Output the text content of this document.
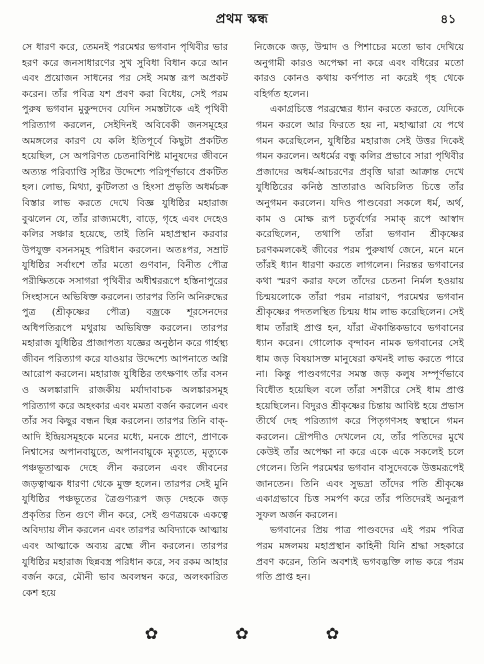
প্রথম স্কন্ধ	৪১

সে ধারণ করে, তেমনই পরমেশ্বর ভগবান পৃথিবীর ভার হরণ করে জনসাধারণের সুখ সুবিধা বিধান করে আন এবং প্রয়োজন সাধনের পর সেই সমস্ত রূপ অপ্রকট করেন। তাঁর পবিত্র যশ প্রবণ করা বিধেয়, সেই পরম পুরুষ ভগবান মুকুন্দদেব যেদিন সমস্তটাকে এই পৃথিবী পরিত্যাগ করলেন, সেইদিনই অবিবেকী জনসমূহের অমঙ্গলের কারণ যে কলি ইতিপূর্বে কিছুটা প্রকটিত হয়েছিল, সে অপরিণত চেতনাবিশিষ্ট মানুষদের জীবনে অত্যন্ত পরিব্যাপ্তি সৃষ্টির উদ্দেশ্যে পরিপূর্ণভাবে প্রকটিত হল। লোভ, মিথ্যা, কুটিলতা ও হিংসা প্রভৃতি অধর্মচক্র বিস্তার লাভ করতে দেখে বিজ্ঞ যুধিষ্ঠির মহারাজ বুঝলেন যে, তাঁর রাজ্যমধ্যে, বাড়ে, গৃহে এবং দেহেও কলির সঞ্চার হয়েছে, তাই তিনি মহাপ্রস্থান করবার উপযুক্ত বসনসমূহ পরিধান করলেন। অতঃপর, সম্রাট যুধিষ্ঠির সর্বাংশে তাঁর মতো গুণবান, বিনীত পৌত্র পরীক্ষিতকে সসাগরা পৃথিবীর অধীশ্বররূপে হস্তিনাপুরের সিংহাসনে অভিষিক্ত করলেন। তারপর তিনি অনিরুদ্ধের পুত্র (শ্রীকৃষ্ণের পৌত্র) বজ্রকে শূরসেনদের অধিপতিরূপে মথুরায় অভিষিক্ত করলেন। তারপর মহারাজ যুধিষ্ঠির প্রাজাপত্য যজ্ঞের অনুষ্ঠান করে গার্হস্থ্য জীবন পরিত্যাগ করে যাওয়ার উদ্দেশ্যে আপনাতে অগ্নি আরোপ করলেন। মহারাজ যুধিষ্ঠির তৎক্ষণাৎ তাঁর বসন ও অলঙ্কারাদি রাজকীয় মর্যাদাবাচক অলঙ্কারসমূহ পরিত্যাগ করে অহংকার এবং মমতা বর্জন করলেন এবং তাঁর সব কিছুর বন্ধন ছিন্ন করলেন। তারপর তিনি বাক্-আদি ইন্দ্রিয়সমূহকে মনের মধ্যে, মনকে প্রাণে, প্রাণকে নিশ্বাসের অপানবায়ুতে, অপানবায়ুকে মৃত্যুতে, মৃত্যুকে পঞ্চভূতাত্মক দেহে লীন করলেন এবং জীবনের জড়ত্বাত্মক ধারণা থেকে মুক্ত হলেন। তারপর সেই মুনি যুধিষ্ঠির পঞ্চভূতের ত্রৈগুণ্যরূপ জড় দেহকে জড় প্রকৃতির তিন গুণে লীন করে, সেই গুণত্রয়কে একত্বে অবিদ্যায় লীন করলেন এবং তারপর অবিদ্যাকে আত্মায় এবং আত্মাকে অব্যয় ব্রহ্মে লীন করলেন। তারপর যুধিষ্ঠির মহারাজ ছিন্নবস্ত্র পরিধান করে, সব রকম আহার বর্জন করে, মৌনী ভাব অবলম্বন করে, অলংকারিত কেশ হয়ে

নিজেকে জড়, উন্মাদ ও পিশাচের মতো ভাব দেখিয়ে অনুগামী কারও অপেক্ষা না করে এবং বধিরের মতো কারও কোনও কথায় কর্ণপাত না করেই গৃহ থেকে বহির্গত হলেন।

একাগ্রচিত্তে পরব্রহ্মের ধ্যান করতে করতে, যেদিকে গমন করলে আর ফিরতে হয় না, মহাত্মারা যে পথে গমন করেছিলেন, যুধিষ্ঠির মহারাজ সেই উত্তর দিকেই গমন করলেন। অধর্মের বন্ধু কলির প্রভাবে সারা পৃথিবীর প্রজাদের অধর্ম-আচরণের প্রবৃত্তি দ্বারা আক্রান্ত দেখে যুধিষ্ঠিরের কনিষ্ঠ ভ্রাতারাও অবিচলিত চিত্তে তাঁর অনুগমন করলেন। যদিও পাণ্ডবেরা সকলে ধর্ম, অর্থ, কাম ও মোক্ষ রূপ চতুর্বর্গের সমাক্ রূপে আস্বাদ করেছিলেন, তথাপি তাঁরা ভগবান শ্রীকৃষ্ণের চরণকমলকেই জীবের পরম পুরুষার্থ জেনে, মনে মনে তাঁরই ধ্যান ধারণা করতে লাগলেন। নিরন্তর ভগবানের কথা স্মরণ করার ফলে তাঁদের চেতনা নির্মল হওয়ায় চিন্ময়লোকে তাঁরা পরম নারায়ণ, পরমেশ্বর ভগবান শ্রীকৃষ্ণের পদতলস্থিত চিন্ময় ধাম লাভ করেছিলেন। সেই ধাম তাঁরাই প্রাপ্ত হন, যাঁরা ঐকান্তিকভাবে ভগবানের ধ্যান করেন। গোলোক বৃন্দাবন নামক ভগবানের সেই ধাম জড় বিষয়াসক্ত মানুষেরা কখনই লাভ করতে পারে না। কিন্তু পাণ্ডবগণের সমস্ত জড় কলুষ সম্পূর্ণভাবে বিধৌত হয়েছিল বলে তাঁরা সশরীরে সেই ধাম প্রাপ্ত হয়েছিলেন। বিদুরও শ্রীকৃষ্ণের চিন্তায় আবিষ্ট হয়ে প্রভাস তীর্থে দেহ পরিত্যাগ করে পিতৃগণসহ স্বস্থানে গমন করলেন। দ্রৌপদীও দেখলেন যে, তাঁর পতিদের মুখে কেউই তাঁর অপেক্ষা না করে একে একে সকলেই চলে গেলেন। তিনি পরমেশ্বর ভগবান বাসুদেবকে উত্তমরূপেই জানতেন। তিনি এবং সুভদ্রা তাঁদের পতি শ্রীকৃষ্ণে একাগ্রভাবে চিত্ত সমর্পণ করে তাঁর পতিদেরই অনুরূপ সুফল অর্জন করলেন।

ভগবানের প্রিয় পাত্র পাণ্ডবদের এই পরম পবিত্র পরম মঙ্গলময় মহাপ্রস্থান কাহিনী যিনি শ্রদ্ধা সহকারে প্রবণ করেন, তিনি অবশ্যই ভগবদ্ভক্তি লাভ করে পরম গতি প্রাপ্ত হন।

✿	✿	✿
